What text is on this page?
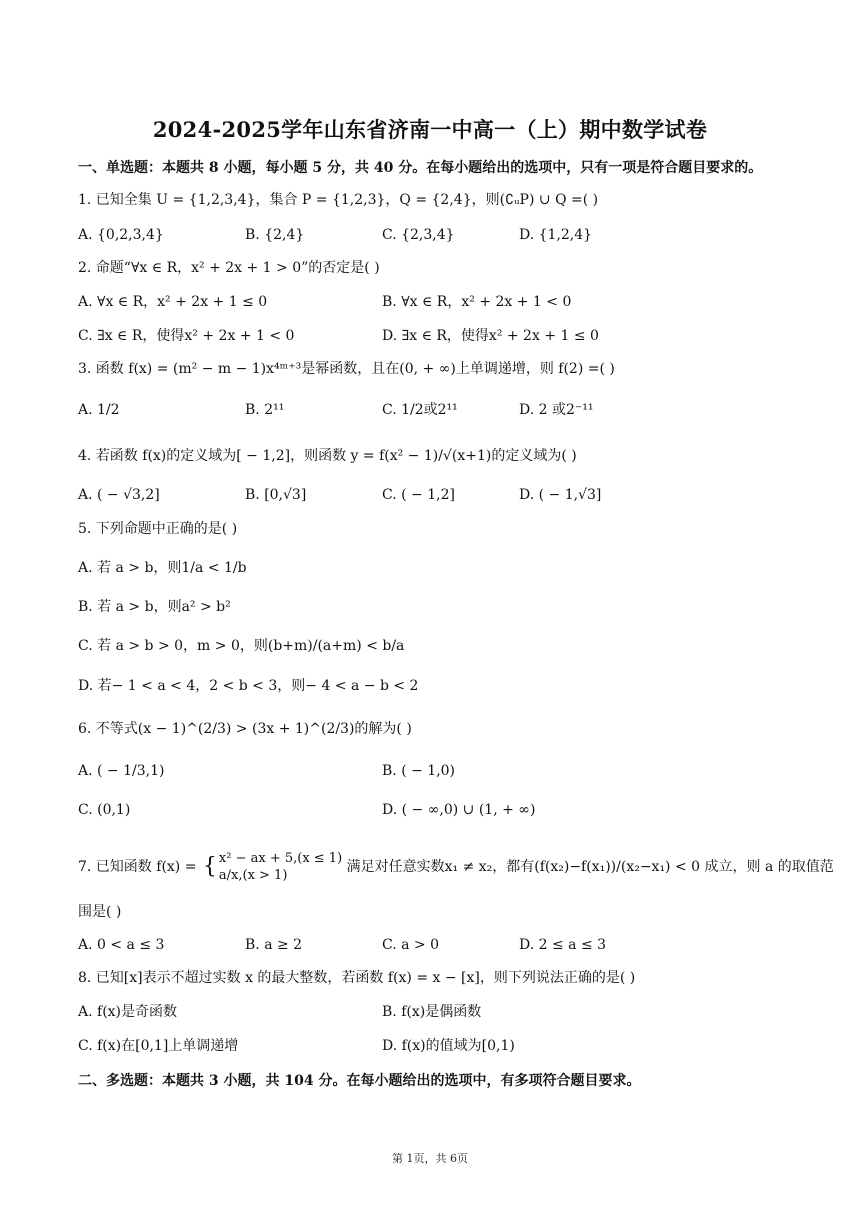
2024-2025学年山东省济南一中高一（上）期中数学试卷
一、单选题：本题共 8 小题，每小题 5 分，共 40 分。在每小题给出的选项中，只有一项是符合题目要求的。
1. 已知全集 U = {1,2,3,4}，集合 P = {1,2,3}，Q = {2,4}，则(∁ᵤP) ∪ Q =( )
A. {0,2,3,4}	B. {2,4}	C. {2,3,4}	D. {1,2,4}
2. 命题“∀x ∈ R，x² + 2x + 1 > 0”的否定是( )
A. ∀x ∈ R，x² + 2x + 1 ≤ 0	B. ∀x ∈ R，x² + 2x + 1 < 0
C. ∃x ∈ R，使得x² + 2x + 1 < 0	D. ∃x ∈ R，使得x² + 2x + 1 ≤ 0
3. 函数 f(x) = (m² − m − 1)x⁴ᵐ⁺³是幂函数，且在(0, + ∞)上单调递增，则 f(2) =( )
A. 1/2	B. 2¹¹	C. 1/2或2¹¹	D. 2 或2⁻¹¹
4. 若函数 f(x)的定义域为[ − 1,2]，则函数 y = f(x² − 1)/√(x+1)的定义域为( )
A. ( − √3,2]	B. [0,√3]	C. ( − 1,2]	D. ( − 1,√3]
5. 下列命题中正确的是( )
A. 若 a > b，则1/a < 1/b
B. 若 a > b，则a² > b²
C. 若 a > b > 0，m > 0，则(b+m)/(a+m) < b/a
D. 若− 1 < a < 4，2 < b < 3，则− 4 < a − b < 2
6. 不等式(x − 1)^(2/3) > (3x + 1)^(2/3)的解为( )
A. ( − 1/3,1)	B. ( − 1,0)
C. (0,1)	D. ( − ∞,0) ∪ (1, + ∞)
7. 已知函数 f(x) = { x² − ax + 5,(x ≤ 1)
a/x,(x > 1)
满足对任意实数x₁ ≠ x₂，都有(f(x₂)−f(x₁))/(x₂−x₁) < 0 成立，则 a 的取值范
围是( )
A. 0 < a ≤ 3	B. a ≥ 2	C. a > 0	D. 2 ≤ a ≤ 3
8. 已知[x]表示不超过实数 x 的最大整数，若函数 f(x) = x − [x]，则下列说法正确的是( )
A. f(x)是奇函数	B. f(x)是偶函数
C. f(x)在[0,1]上单调递增	D. f(x)的值域为[0,1)
二、多选题：本题共 3 小题，共 104 分。在每小题给出的选项中，有多项符合题目要求。
第 1页，共 6页
